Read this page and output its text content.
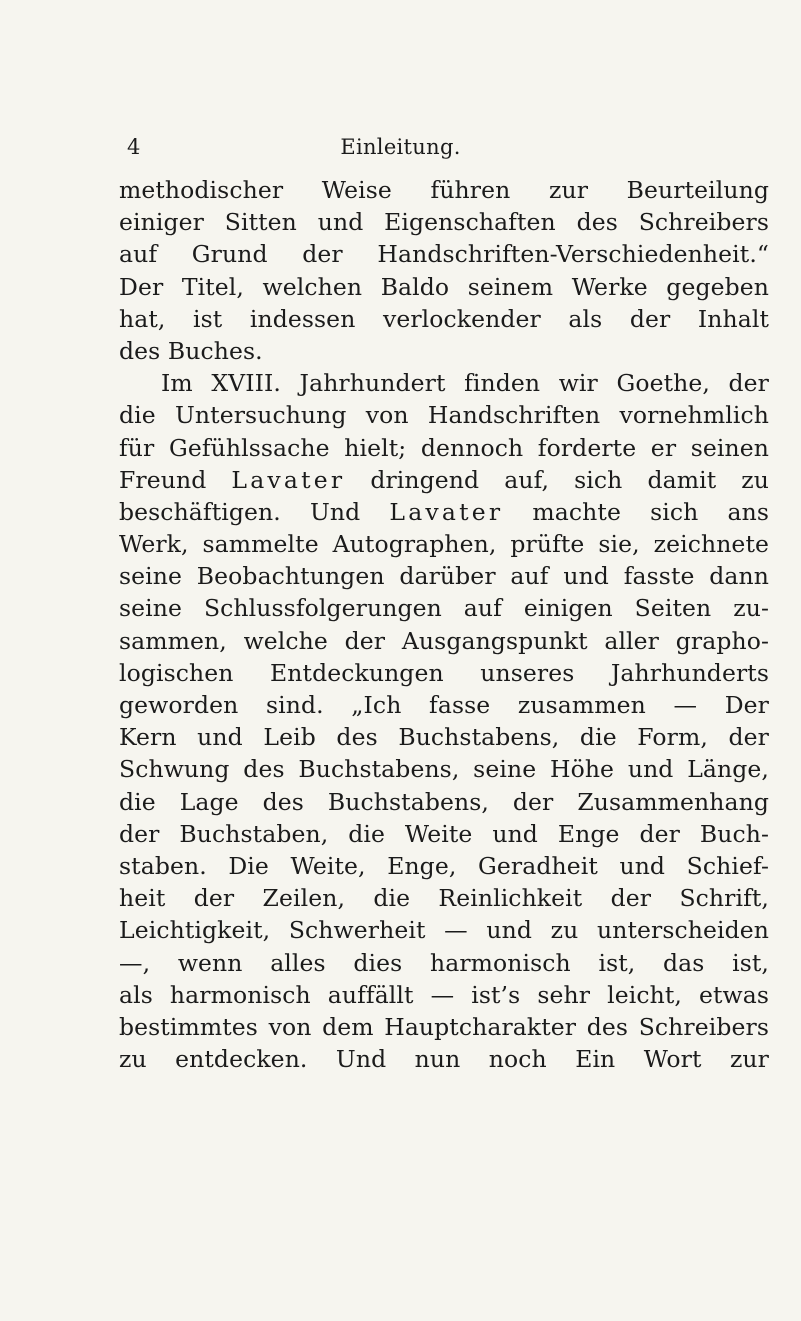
4	Einleitung.
methodischer Weise führen zur Beurteilung
einiger Sitten und Eigenschaften des Schreibers
auf Grund der Handschriften-Verschiedenheit.“
Der Titel, welchen Baldo seinem Werke gegeben
hat, ist indessen verlockender als der Inhalt
des Buches.
Im XVIII. Jahrhundert finden wir Goethe, der
die Untersuchung von Handschriften vornehmlich
für Gefühlssache hielt; dennoch forderte er seinen
Freund Lavater dringend auf, sich damit zu
beschäftigen. Und Lavater machte sich ans
Werk, sammelte Autographen, prüfte sie, zeichnete
seine Beobachtungen darüber auf und fasste dann
seine Schlussfolgerungen auf einigen Seiten zu-
sammen, welche der Ausgangspunkt aller grapho-
logischen Entdeckungen unseres Jahrhunderts
geworden sind. „Ich fasse zusammen — Der
Kern und Leib des Buchstabens, die Form, der
Schwung des Buchstabens, seine Höhe und Länge,
die Lage des Buchstabens, der Zusammenhang
der Buchstaben, die Weite und Enge der Buch-
staben. Die Weite, Enge, Geradheit und Schief-
heit der Zeilen, die Reinlichkeit der Schrift,
Leichtigkeit, Schwerheit — und zu unterscheiden
—, wenn alles dies harmonisch ist, das ist,
als harmonisch auffällt — ist’s sehr leicht, etwas
bestimmtes von dem Hauptcharakter des Schreibers
zu entdecken. Und nun noch Ein Wort zur
